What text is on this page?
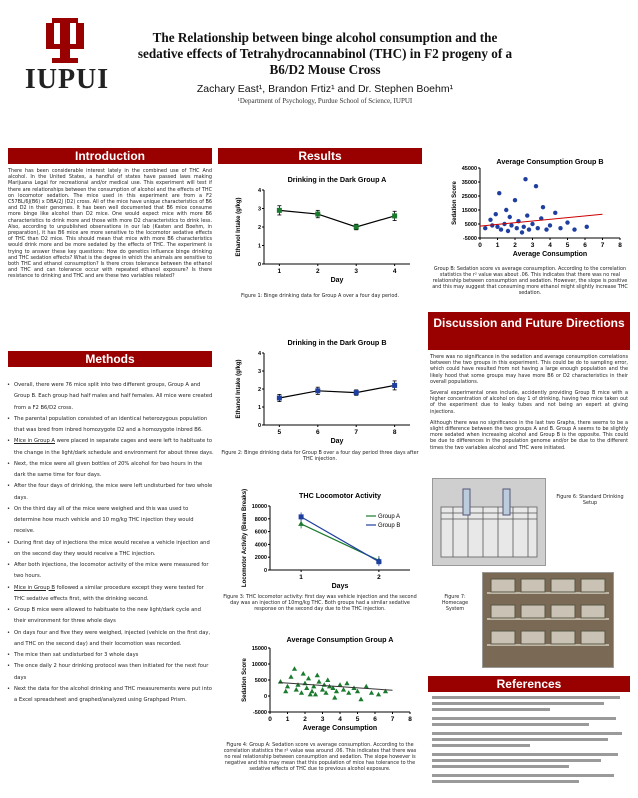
IUPUI
The Relationship between binge alcohol consumption and the sedative effects of Tetrahydrocannabinol (THC) in F2 progeny of a B6/D2 Mouse Cross
Zachary East¹, Brandon Frtiz¹ and Dr. Stephen Boehm¹
¹Department of Psychology, Purdue School of Science, IUPUI
Introduction
There has been considerable interest lately in the combined use of THC And alcohol. In the United States, a handful of states have passed laws making Marijuana Legal for recreational and/or medical use. This experiment will test if there are relationships between the consumption of alcohol and the effects of THC on locomotor sedation. The mice used in this experiment are from a F2 C57BL/6J(B6) x DBA/2J (D2) cross. All of the mice have unique characteristics of B6 and D2 in their genomes. It has been well documented that B6 mice consume more binge like alcohol than D2 mice. One would expect mice with more B6 characteristics to drink more and those with more D2 characteristics to drink less. Also, according to unpublished observations in our lab (Kasten and Boehm, in preparation), it has B6 mice are more sensitive to the locomotor sedative effects of THC than D2 mice. This should mean that mice with more B6 characteristics would drink more and be more sedated by the effects of THC. The experiment is trying to answer these key questions: How do genetics influence binge drinking and THC sedation effects? What is the degree in which the animals are sensitive to both THC and ethanol consumption? Is there cross tolerance between the ethanol and THC and can tolerance occur with repeated ethanol exposure? Is there resistance to drinking and THC and are these two variables related?
Methods
• Overall, there were 76 mice split into two different groups, Group A and Group B. Each group had half males and half females. All mice were created from a F2 B6/D2 cross.
• The parental population consisted of an identical heterozygous population that was bred from inbred homozygote D2 and a homozygote inbred B6.
• Mice in Group A were placed in separate cages and were left to habituate to the change in the light/dark schedule and environment for about three days.
• Next, the mice were all given bottles of 20% alcohol for two hours in the dark the same time for four days.
• After the four days of drinking, the mice were left undisturbed for two whole days.
• On the third day all of the mice were weighed and this was used to determine how much vehicle and 10 mg/kg THC injection they would receive.
• During first day of injections the mice would receive a vehicle injection and on the second day they would receive a THC injection.
• After both injections, the locomotor activity of the mice were measured for two hours.
• Mice in Group B followed a similar procedure except they were tested for THC sedative effects first, with the drinking second.
• Group B mice were allowed to habituate to the new light/dark cycle and their environment for three whole days
• On days four and five they were weighed, injected (vehicle on the first day, and THC on the second day) and their locomotion was recorded.
• The mice then sat undisturbed for 3 whole days
• The once daily 2 hour drinking protocol was then initiated for the next four days
• Next the data for the alcohol drinking and THC measurements were put into a Excel spreadsheet and graphed/analyzed using Graphpad Prism.
Results
Drinking in the Dark Group A
0
1
2
3
4
1	2	3	4
Day
Ethanol Intake (g/kg)
Figure 1: Binge drinking data for Group A over a four day period.
Drinking in the Dark Group B
0
1
2
3
4
5	6	7	8
Day
Ethanol Intake (g/kg)
Figure 2: Binge drinking data for Group B over a four day period three days after THC injection.
THC Locomotor Activity
0
2000
4000
6000
8000
10000
1	2
Days
Locomotor Activity (Beam Breaks)	Group A
Group B
Figure 3: THC locomotor activity: first day was vehicle injection and the second day was an injection of 10mg/kg THC. Both groups had a similar sedative response on the second day due to the THC injection.
Average Consumption Group A
-5000
0
5000
10000
15000
0 1 2 3 4 5 6 7 8
Average Consumption
Sedation Score
Figure 4: Group A: Sedation score vs average consumption. According to the correlation statistics the r² value was around .06. This indicates that there was no real relationship between consumption and sedation. The slope however is negative and this may mean that this population of mice has tolerance to the sedative effects of THC due to previous alcohol exposure.
Average Consumption Group B
-5000
5000
15000
25000
35000
45000
0 1 2 3 4 5 6 7 8
Average Consumption
Sedation Score
Group B: Sedation score vs average consumption. According to the correlation statistics the r² value was about .06. This indicates that there was no real relationship between consumption and sedation. However, the slope is positive and this may suggest that consuming more ethanol might slightly increase THC sedation.
Discussion and Future Directions

There was no significance in the sedation and average consumption correlations between the two groups in this experiment. This could be do to sampling error, which could have resulted from not having a large enough population and the likely hood that some groups may have more B6 or D2 characteristics in their overall populations.

Several experimental ones include, accidently providing Group B mice with a higher concentration of alcohol on day 1 of drinking, having two mice taken out of the experiment due to leaky tubes and not being an expert at giving injections.

Although there was no significance in the last two Graphs, there seems to be a slight difference between the two groups A and B. Group A seems to be slightly more sedated when increasing alcohol and Group B is the opposite. This could be due to differences in the population genome and/or be due to the different times the two variables alcohol and THC were initiated.

Figure 6: Standard Drinking Setup
Figure 7: Homecage System
References
